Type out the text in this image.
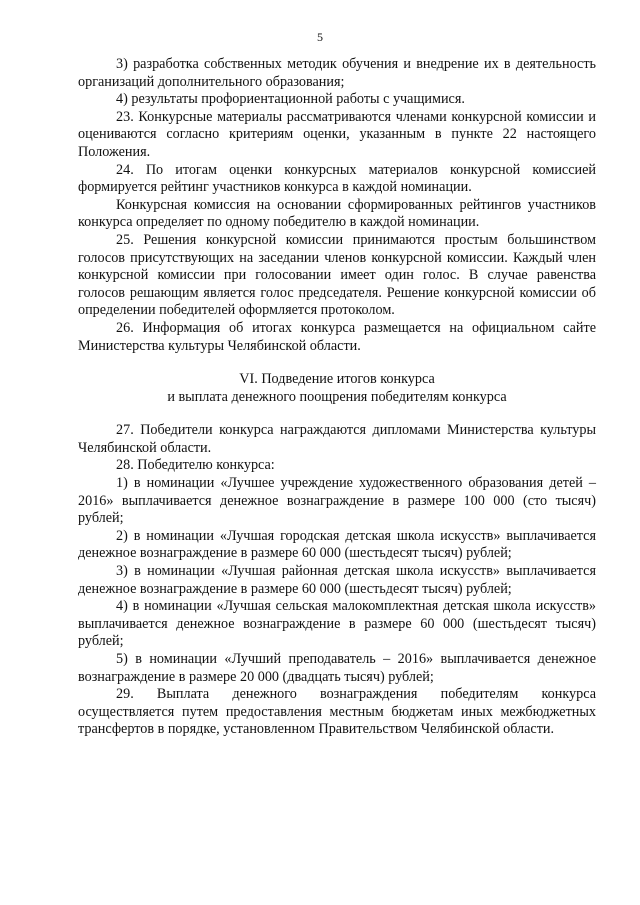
5

3) разработка собственных методик обучения и внедрение их в деятельность организаций дополнительного образования;

4) результаты профориентационной работы с учащимися.

23. Конкурсные материалы рассматриваются членами конкурсной комиссии и оцениваются согласно критериям оценки, указанным в пункте 22 настоящего Положения.

24. По итогам оценки конкурсных материалов конкурсной комиссией формируется рейтинг участников конкурса в каждой номинации.

Конкурсная комиссия на основании сформированных рейтингов участников конкурса определяет по одному победителю в каждой номинации.

25. Решения конкурсной комиссии принимаются простым большинством голосов присутствующих на заседании членов конкурсной комиссии. Каждый член конкурсной комиссии при голосовании имеет один голос. В случае равенства голосов решающим является голос председателя. Решение конкурсной комиссии об определении победителей оформляется протоколом.

26. Информация об итогах конкурса размещается на официальном сайте Министерства культуры Челябинской области.

VI. Подведение итогов конкурса

и выплата денежного поощрения победителям конкурса

27. Победители конкурса награждаются дипломами Министерства культуры Челябинской области.

28. Победителю конкурса:

1) в номинации «Лучшее учреждение художественного образования детей – 2016» выплачивается денежное вознаграждение в размере 100 000 (сто тысяч) рублей;

2) в номинации «Лучшая городская детская школа искусств» выплачивается денежное вознаграждение в размере 60 000 (шестьдесят тысяч) рублей;

3) в номинации «Лучшая районная детская школа искусств» выплачивается денежное вознаграждение в размере 60 000 (шестьдесят тысяч) рублей;

4) в номинации «Лучшая сельская малокомплектная детская школа искусств» выплачивается денежное вознаграждение в размере 60 000 (шестьдесят тысяч) рублей;

5) в номинации «Лучший преподаватель – 2016» выплачивается денежное вознаграждение в размере 20 000 (двадцать тысяч) рублей;

29. Выплата денежного вознаграждения победителям конкурса осуществляется путем предоставления местным бюджетам иных межбюджетных трансфертов в порядке, установленном Правительством Челябинской области.
